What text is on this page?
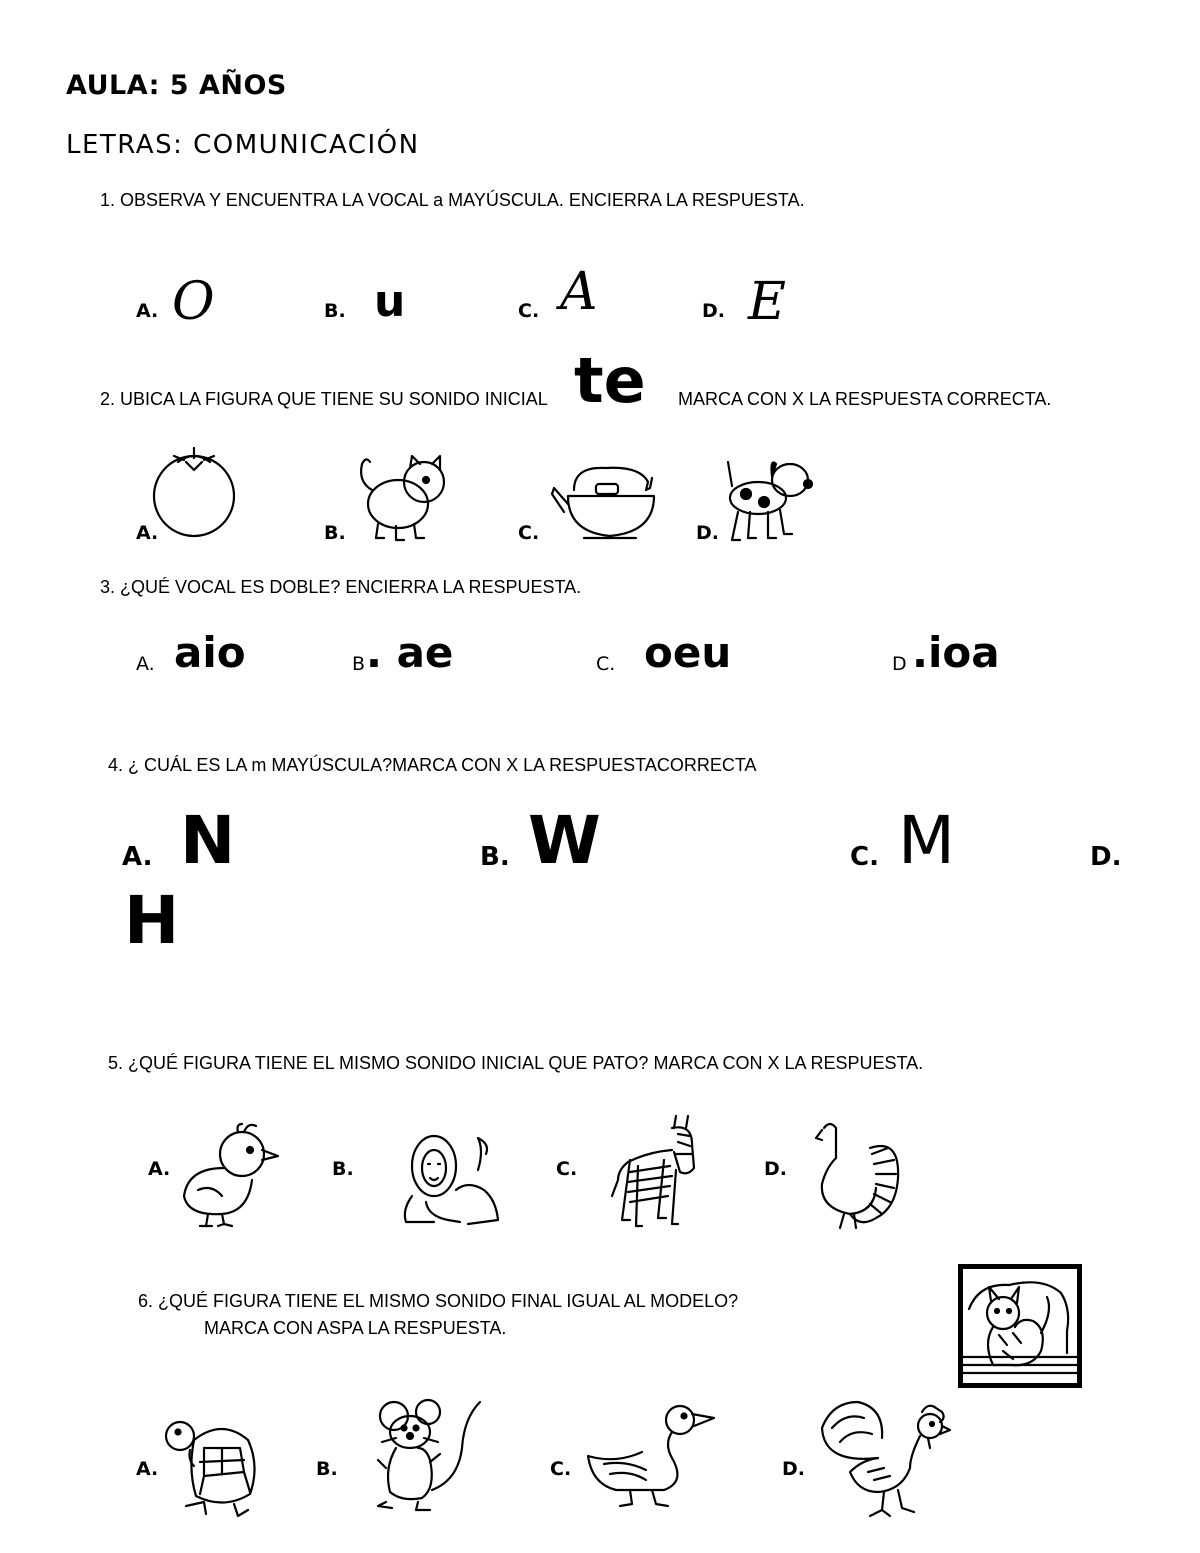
AULA: 5 AÑOS
LETRAS: COMUNICACIÓN
1. OBSERVA Y ENCUENTRA LA VOCAL a MAYÚSCULA. ENCIERRA LA RESPUESTA.
A. O	B. u	C. A	D. E
2. UBICA LA FIGURA QUE TIENE SU SONIDO INICIAL te MARCA CON X LA RESPUESTA CORRECTA.
A.	B.	C.	D.
3. ¿QUÉ VOCAL ES DOBLE? ENCIERRA LA RESPUESTA.
A. aio	B . ae	C. oeu	D .ioa
4. ¿ CUÁL ES LA m MAYÚSCULA?MARCA CON X LA RESPUESTACORRECTA
A. N	B. W	C. M	D.
H
5. ¿QUÉ FIGURA TIENE EL MISMO SONIDO INICIAL QUE PATO? MARCA CON X LA RESPUESTA.
A.	B.	C.	D.
6. ¿QUÉ FIGURA TIENE EL MISMO SONIDO FINAL IGUAL AL MODELO?
MARCA CON ASPA LA RESPUESTA.
A.	B.	C.	D.
